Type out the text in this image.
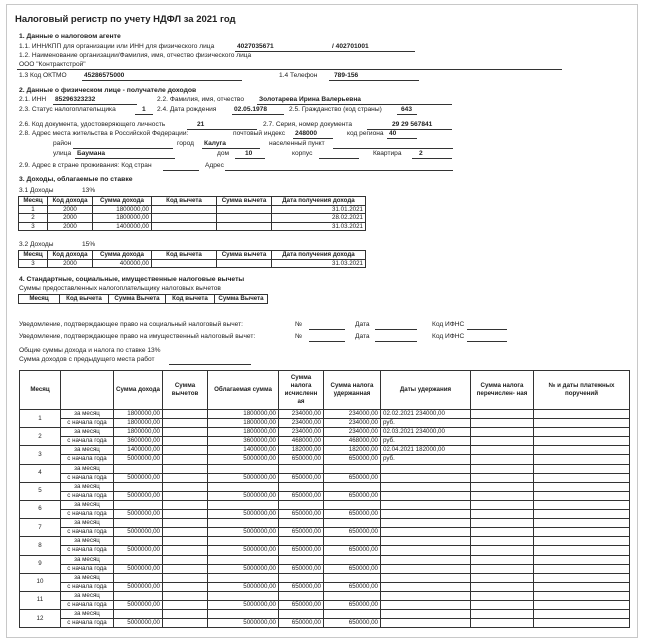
Налоговый регистр по учету НДФЛ за 2021 год
1. Данные о налоговом агенте
1.1. ИНН/КПП для организации или ИНН для физического лица	4027035671	/ 402701001
1.2. Наименование организации/Фамилия, имя, отчество физического лица
ООО "Контрактстрой"
1.3 Код ОКТМО	45286575000	1.4 Телефон	789-156
2. Данные о физическом лице - получателе доходов
2.1. ИНН 85296323232	2.2. Фамилия, имя, отчество Золотарева Ирина Валерьевна
2.3. Статус налогоплательщика	1 2.4. Дата рождения	02.05.1978	2.5. Гражданство (код страны)	643
2.6. Код документа, удостоверяющего личность	21	2.7. Серия, номер документа	29 29 567841
2.8. Адрес места жительства в Российской Федерации:	почтовый индекс 248000	код региона 40
район	город Калуга	населенный пункт
улица Баумана	дом 10	корпус	Квартира	2
2.9. Адрес в стране проживания: Код стран	Адрес
3. Доходы, облагаемые по ставке
3.1 Доходы	13%
Месяц	Код дохода	Сумма дохода	Код вычета	Сумма вычета	Дата получения дохода
1	2000	1800000,00			31.01.2021
2	2000	1800000,00			28.02.2021
3	2000	1400000,00			31.03.2021
3.2 Доходы	15%
Месяц	Код дохода	Сумма дохода	Код вычета	Сумма вычета	Дата получения дохода
3	2000	400000,00			31.03.2021
4. Стандартные, социальные, имущественные налоговые вычеты
Суммы предоставленных налогоплательщику налоговых вычетов
Месяц	Код вычета	Сумма Вычета	Код вычета	Сумма Вычета
Уведомление, подтверждающее право на социальный налоговый вычет:	№	Дата	Код ИФНС
Уведомление, подтверждающее право на имущественный налоговый вычет:	№	Дата	Код ИФНС
Общие суммы дохода и налога по ставке 13%
Сумма доходов с предыдущего места работ
Месяц		Сумма дохода	Сумма вычетов	Облагаемая сумма	Сумма налога исчисленн ая	Сумма налога удержанная	Даты удержания	Сумма налога перечислен- ная	№ и даты платежных поручений
1	за месяц	1800000,00		1800000,00	234000,00	234000,00	02.02.2021 234000,00		
	с начала года	1800000,00		1800000,00	234000,00	234000,00	руб.		
2	за месяц	1800000,00		1800000,00	234000,00	234000,00	02.03.2021 234000,00		
	с начала года	3600000,00		3600000,00	468000,00	468000,00	руб.		
3	за месяц	1400000,00		1400000,00	182000,00	182000,00	02.04.2021 182000,00		
	с начала года	5000000,00		5000000,00	650000,00	650000,00	руб.		
4	за месяц								
	с начала года	5000000,00		5000000,00	650000,00	650000,00			
5	за месяц								
	с начала года	5000000,00		5000000,00	650000,00	650000,00			
6	за месяц								
	с начала года	5000000,00		5000000,00	650000,00	650000,00			
7	за месяц								
	с начала года	5000000,00		5000000,00	650000,00	650000,00			
8	за месяц								
	с начала года	5000000,00		5000000,00	650000,00	650000,00			
9	за месяц								
	с начала года	5000000,00		5000000,00	650000,00	650000,00			
10	за месяц								
	с начала года	5000000,00		5000000,00	650000,00	650000,00			
11	за месяц								
	с начала года	5000000,00		5000000,00	650000,00	650000,00			
12	за месяц								
	с начала года	5000000,00		5000000,00	650000,00	650000,00			
